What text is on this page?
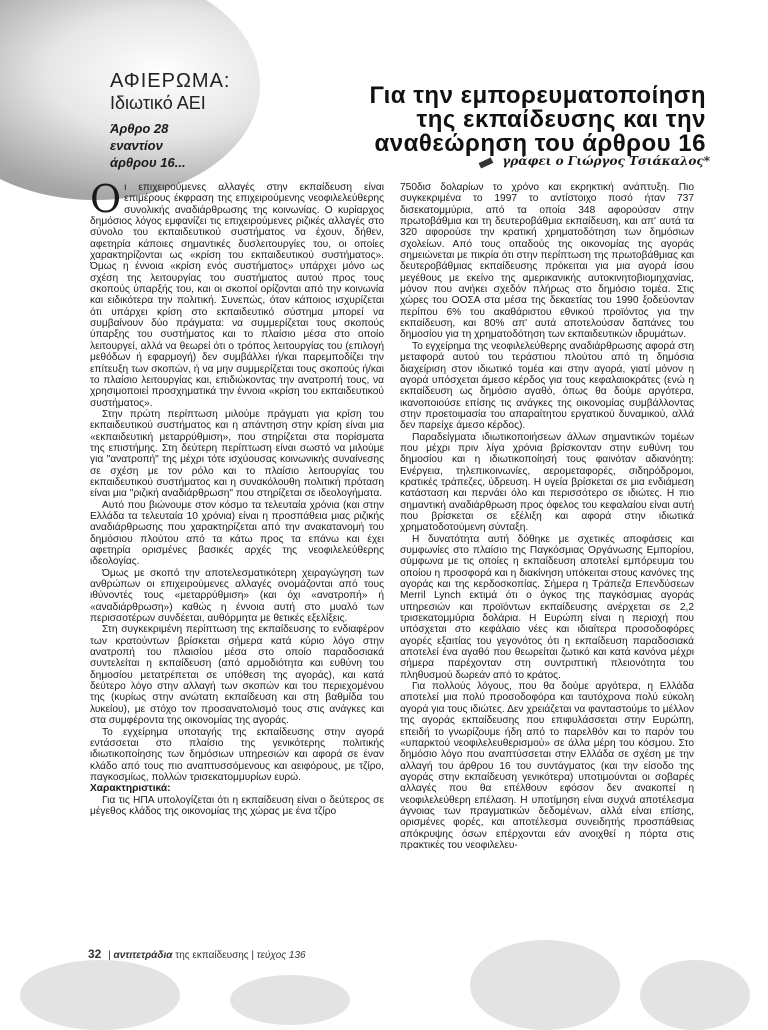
ΑΦΙΕΡΩΜΑ:
Ιδιωτικό ΑΕΙ
Άρθρο 28
εναντίον
άρθρου 16...
Για την εμπορευματοποίηση
της εκπαίδευσης και την
αναθεώρηση του άρθρου 16
γράφει ο Γιώργος Τσιάκαλος*

Οι επιχειρούμενες αλλαγές στην εκπαίδευση είναι επιμέρους έκφραση της επιχειρούμενης νεοφιλελεύθερης συνολικής αναδιάρθρωσης της κοινωνίας. Ο κυρίαρχος δημόσιος λόγος εμφανίζει τις επιχειρούμενες ριζικές αλλαγές στο σύνολο του εκπαιδευτικού συστήματος να έχουν, δήθεν, αφετηρία κάποιες σημαντικές δυσλειτουργίες του, οι οποίες χαρακτηρίζονται ως «κρίση του εκπαιδευτικού συστήματος». Όμως η έννοια «κρίση ενός συστήματος» υπάρχει μόνο ως σχέση της λειτουργίας του συστήματος αυτού προς τους σκοπούς ύπαρξής του, και οι σκοποί ορίζονται από την κοινωνία και ειδικότερα την πολιτική. Συνεπώς, όταν κάποιος ισχυρίζεται ότι υπάρχει κρίση στο εκπαιδευτικό σύστημα μπορεί να συμβαίνουν δύο πράγματα: να συμμερίζεται τους σκοπούς ύπαρξης του συστήματος και το πλαίσιο μέσα στο οποίο λειτουργεί, αλλά να θεωρεί ότι ο τρόπος λειτουργίας του (επιλογή μεθόδων ή εφαρμογή) δεν συμβάλλει ή/και παρεμποδίζει την επίτευξη των σκοπών, ή να μην συμμερίζεται τους σκοπούς ή/και το πλαίσιο λειτουργίας και, επιδιώκοντας την ανατροπή τους, να χρησιμοποιεί προσχηματικά την έννοια «κρίση του εκπαιδευτικού συστήματος».

Στην πρώτη περίπτωση μιλούμε πράγματι για κρίση του εκπαιδευτικού συστήματος και η απάντηση στην κρίση είναι μια «εκπαιδευτική μεταρρύθμιση», που στηρίζεται στα πορίσματα της επιστήμης. Στη δεύτερη περίπτωση είναι σωστό να μιλούμε για "ανατροπή" της μέχρι τότε ισχύουσας κοινωνικής συναίνεσης σε σχέση με τον ρόλο και το πλαίσιο λειτουργίας του εκπαιδευτικού συστήματος και η συνακόλουθη πολιτική πρόταση είναι μια "ριζική αναδιάρθρωση" που στηρίζεται σε ιδεολογήματα.

Αυτό που βιώνουμε στον κόσμο τα τελευταία χρόνια (και στην Ελλάδα τα τελευταία 10 χρόνια) είναι η προσπάθεια μιας ριζικής αναδιάρθρωσης που χαρακτηρίζεται από την ανακατανομή του δημόσιου πλούτου από τα κάτω προς τα επάνω και έχει αφετηρία ορισμένες βασικές αρχές της νεοφιλελεύθερης ιδεολογίας.

Όμως με σκοπό την αποτελεσματικότερη χειραγώγηση των ανθρώπων οι επιχειρούμενες αλλαγές ονομάζονται από τους ιθύνοντές τους «μεταρρύθμιση» (και όχι «ανατροπή» ή «αναδιάρθρωση») καθώς η έννοια αυτή στο μυαλό των περισσοτέρων συνδέεται, αυθόρμητα με θετικές εξελίξεις.

Στη συγκεκριμένη περίπτωση της εκπαίδευσης το ενδιαφέρον των κρατούντων βρίσκεται σήμερα κατά κύριο λόγο στην ανατροπή του πλαισίου μέσα στο οποίο παραδοσιακά συντελείται η εκπαίδευση (από αρμοδιότητα και ευθύνη του δημοσίου μετατρέπεται σε υπόθεση της αγοράς), και κατά δεύτερο λόγο στην αλλαγή των σκοπών και του περιεχομένου της (κυρίως στην ανώτατη εκπαίδευση και στη βαθμίδα του λυκείου), με στόχο τον προσανατολισμό τους στις ανάγκες και στα συμφέροντα της οικονομίας της αγοράς.

Το εγχείρημα υποταγής της εκπαίδευσης στην αγορά εντάσσεται στο πλαίσιο της γενικότερης πολιτικής ιδιωτικοποίησης των δημόσιων υπηρεσιών και αφορά σε έναν κλάδο από τους πιο αναπτυσσόμενους και αειφόρους, με τζίρο, παγκοσμίως, πολλών τρισεκατομμυρίων ευρώ.

Χαρακτηριστικά:

Για τις ΗΠΑ υπολογίζεται ότι η εκπαίδευση είναι ο δεύτερος σε μέγεθος κλάδος της οικονομίας της χώρας με ένα τζίρο

750δισ δολαρίων το χρόνο και εκρηκτική ανάπτυξη. Πιο συγκεκριμένα το 1997 το αντίστοιχο ποσό ήταν 737 δισεκατομμύρια, από τα οποία 348 αφορούσαν στην πρωτοβάθμια και τη δευτεροβάθμια εκπαίδευση, και απ' αυτά τα 320 αφορούσε την κρατική χρηματοδότηση των δημόσιων σχολείων. Από τους οπαδούς της οικονομίας της αγοράς σημειώνεται με πικρία ότι στην περίπτωση της πρωτοβάθμιας και δευτεροβάθμιας εκπαίδευσης πρόκειται για μια αγορά ίσου μεγέθους με εκείνο της αμερικανικής αυτοκινητοβιομηχανίας, μόνον που ανήκει σχεδόν πλήρως στο δημόσιο τομέα. Στις χώρες του ΟΟΣΑ στα μέσα της δεκαετίας του 1990 ξοδεύονταν περίπου 6% του ακαθάριστου εθνικού προϊόντος για την εκπαίδευση, και 80% απ' αυτά αποτελούσαν δαπάνες του δημοσίου για τη χρηματοδότηση των εκπαιδευτικών ιδρυμάτων.

Το εγχείρημα της νεοφιλελεύθερης αναδιάρθρωσης αφορά στη μεταφορά αυτού του τεράστιου πλούτου από τη δημόσια διαχείριση στον ιδιωτικό τομέα και στην αγορά, γιατί μόνον η αγορά υπόσχεται άμεσο κέρδος για τους κεφαλαιοκράτες (ενώ η εκπαίδευση ως δημόσιο αγαθό, όπως θα δούμε αργότερα, ικανοποιούσε επίσης τις ανάγκες της οικονομίας συμβάλλοντας στην προετοιμασία του απαραίτητου εργατικού δυναμικού, αλλά δεν παρείχε άμεσο κέρδος).

Παραδείγματα ιδιωτικοποιήσεων άλλων σημαντικών τομέων που μέχρι πριν λίγα χρόνια βρίσκονταν στην ευθύνη του δημοσίου και η ιδιωτικοποίησή τους φαινόταν αδιανόητη: Ενέργεια, τηλεπικοινωνίες, αερομεταφορές, σιδηρόδρομοι, κρατικές τράπεζες, ύδρευση. Η υγεία βρίσκεται σε μια ενδιάμεση κατάσταση και περνάει όλο και περισσότερο σε ιδιώτες. Η πιο σημαντική αναδιάρθρωση προς όφελος του κεφαλαίου είναι αυτή που βρίσκεται σε εξέλιξη και αφορά στην ιδιωτικά χρηματοδοτούμενη σύνταξη.

Η δυνατότητα αυτή δόθηκε με σχετικές αποφάσεις και συμφωνίες στο πλαίσιο της Παγκόσμιας Οργάνωσης Εμπορίου, σύμφωνα με τις οποίες η εκπαίδευση αποτελεί εμπόρευμα του οποίου η προσφορά και η διακίνηση υπόκειται στους κανόνες της αγοράς και της κερδοσκοπίας. Σήμερα η Τράπεζα Επενδύσεων Merril Lynch εκτιμά ότι ο όγκος της παγκόσμιας αγοράς υπηρεσιών και προϊόντων εκπαίδευσης ανέρχεται σε 2,2 τρισεκατομμύρια δολάρια. Η Ευρώπη είναι η περιοχή που υπόσχεται στο κεφάλαιο νέες και ιδιαίτερα προσοδοφόρες αγορές εξαιτίας του γεγονότος ότι η εκπαίδευση παραδοσιακά αποτελεί ένα αγαθό που θεωρείται ζωτικό και κατά κανόνα μέχρι σήμερα παρέχονταν στη συντριπτική πλειονότητα του πληθυσμού δωρεάν από το κράτος.

Για πολλούς λόγους, που θα δούμε αργότερα, η Ελλάδα αποτελεί μια πολύ προσοδοφόρα και ταυτόχρονα πολύ εύκολη αγορά για τους ιδιώτες. Δεν χρειάζεται να φανταστούμε το μέλλον της αγοράς εκπαίδευσης που επιφυλάσσεται στην Ευρώπη, επειδή το γνωρίζουμε ήδη από το παρελθόν και το παρόν του «υπαρκτού νεοφιλελευθερισμού» σε άλλα μέρη του κόσμου. Στο δημόσιο λόγο που αναπτύσσεται στην Ελλάδα σε σχέση με την αλλαγή του άρθρου 16 του συντάγματος (και την είσοδο της αγοράς στην εκπαίδευση γενικότερα) υποτιμούνται οι σοβαρές αλλαγές που θα επέλθουν εφόσον δεν ανακοπεί η νεοφιλελεύθερη επέλαση. Η υποτίμηση είναι συχνά αποτέλεσμα άγνοιας των πραγματικών δεδομένων, αλλά είναι επίσης, ορισμένες φορές, και αποτέλεσμα συνειδητής προσπάθειας απόκρυψης όσων επέρχονται εάν ανοιχθεί η πόρτα στις πρακτικές του νεοφιλελευ-

32 | αντιτετράδια της εκπαίδευσης | τεύχος 136
